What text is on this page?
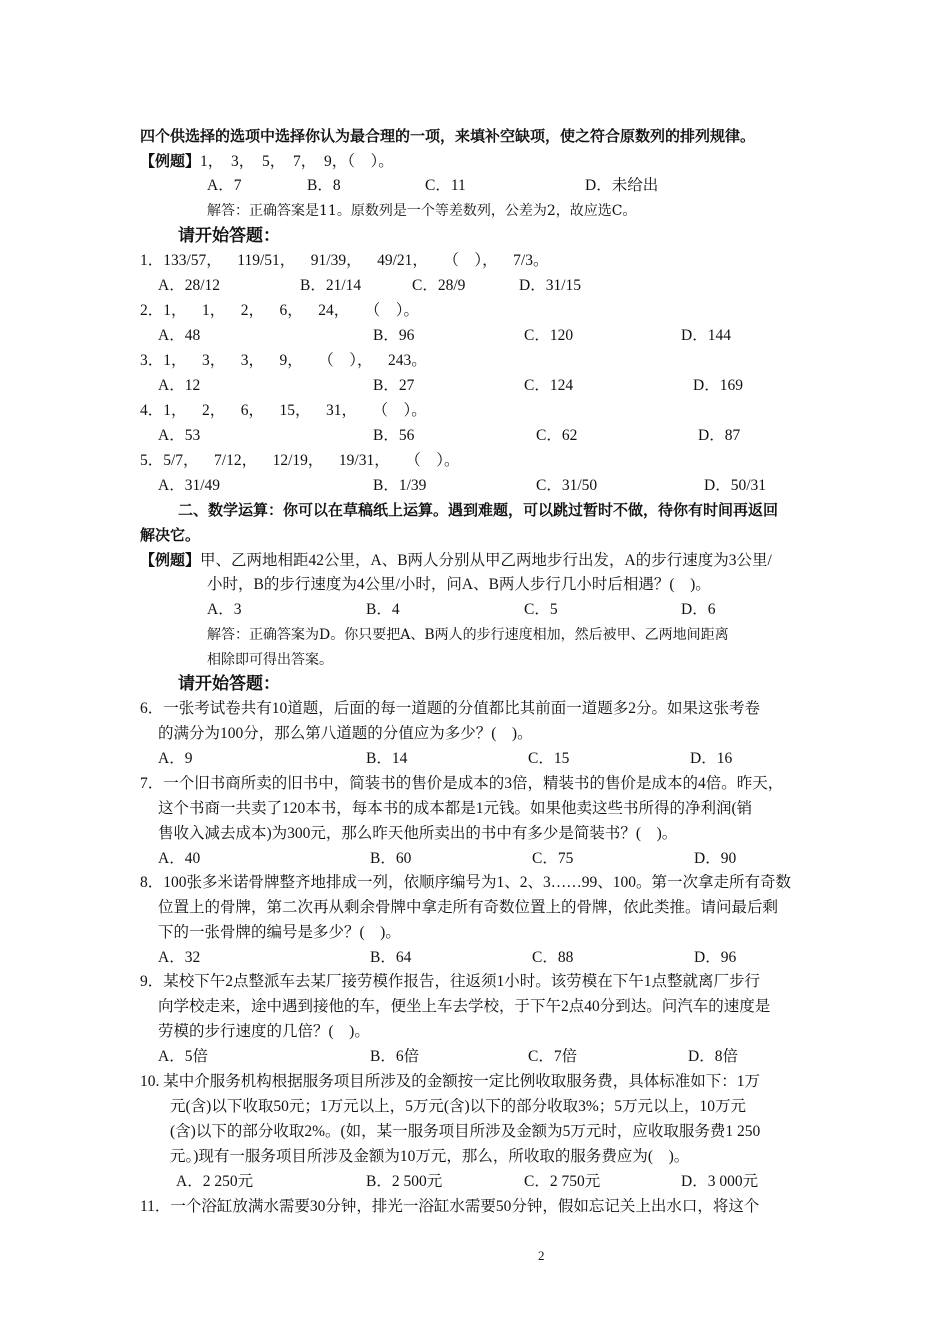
四个供选择的选项中选择你认为最合理的一项，来填补空缺项，使之符合原数列的排列规律。
【例题】1，  3，  5，  7，  9，（    ）。
A．7	B．8	C．11	D．未给出
解答：正确答案是11。原数列是一个等差数列，公差为2，故应选C。
请开始答题：
1．133/57，    119/51，    91/39，    49/21，    （    ），    7/3。
A．28/12	B．21/14	C．28/9	D．31/15
2．1，    1，    2，    6，    24，    （    ）。
A．48	B．96	C．120	D．144
3．1，    3，    3，    9，    （    ），    243。
A．12	B．27	C．124	D．169
4．1，    2，    6，    15，    31，    （    ）。
A．53	B．56	C．62	D．87
5．5/7，    7/12，    12/19，    19/31，    （    ）。
A．31/49	B．1/39	C．31/50	D．50/31
二、数学运算：你可以在草稿纸上运算。遇到难题，可以跳过暂时不做，待你有时间再返回
解决它。
【例题】甲、乙两地相距42公里，A、B两人分别从甲乙两地步行出发，A的步行速度为3公里/
小时，B的步行速度为4公里/小时，问A、B两人步行几小时后相遇？(    )。
A．3	B．4	C．5	D．6
解答：正确答案为D。你只要把A、B两人的步行速度相加，然后被甲、乙两地间距离
相除即可得出答案。
请开始答题：
6．一张考试卷共有10道题，后面的每一道题的分值都比其前面一道题多2分。如果这张考卷
的满分为100分，那么第八道题的分值应为多少？(    )。
A．9	B．14	C．15	D．16
7．一个旧书商所卖的旧书中，简装书的售价是成本的3倍，精装书的售价是成本的4倍。昨天，
这个书商一共卖了120本书，每本书的成本都是1元钱。如果他卖这些书所得的净利润(销
售收入减去成本)为300元，那么昨天他所卖出的书中有多少是简装书？(    )。
A．40	B．60	C．75	D．90
8．100张多米诺骨牌整齐地排成一列，依顺序编号为1、2、3……99、100。第一次拿走所有奇数
位置上的骨牌，第二次再从剩余骨牌中拿走所有奇数位置上的骨牌，依此类推。请问最后剩
下的一张骨牌的编号是多少？(    )。
A．32	B．64	C．88	D．96
9．某校下午2点整派车去某厂接劳模作报告，往返须1小时。该劳模在下午1点整就离厂步行
向学校走来，途中遇到接他的车，便坐上车去学校，于下午2点40分到达。问汽车的速度是
劳模的步行速度的几倍？(    )。
A．5倍	B．6倍	C．7倍	D．8倍
10. 某中介服务机构根据服务项目所涉及的金额按一定比例收取服务费，具体标准如下：1万
元(含)以下收取50元；1万元以上，5万元(含)以下的部分收取3%；5万元以上，10万元
(含)以下的部分收取2%。(如，某一服务项目所涉及金额为5万元时，应收取服务费1 250
元。)现有一服务项目所涉及金额为10万元，那么，所收取的服务费应为(    )。
A．2 250元	B．2 500元	C．2 750元	D．3 000元
11．一个浴缸放满水需要30分钟，排光一浴缸水需要50分钟，假如忘记关上出水口，将这个
2
